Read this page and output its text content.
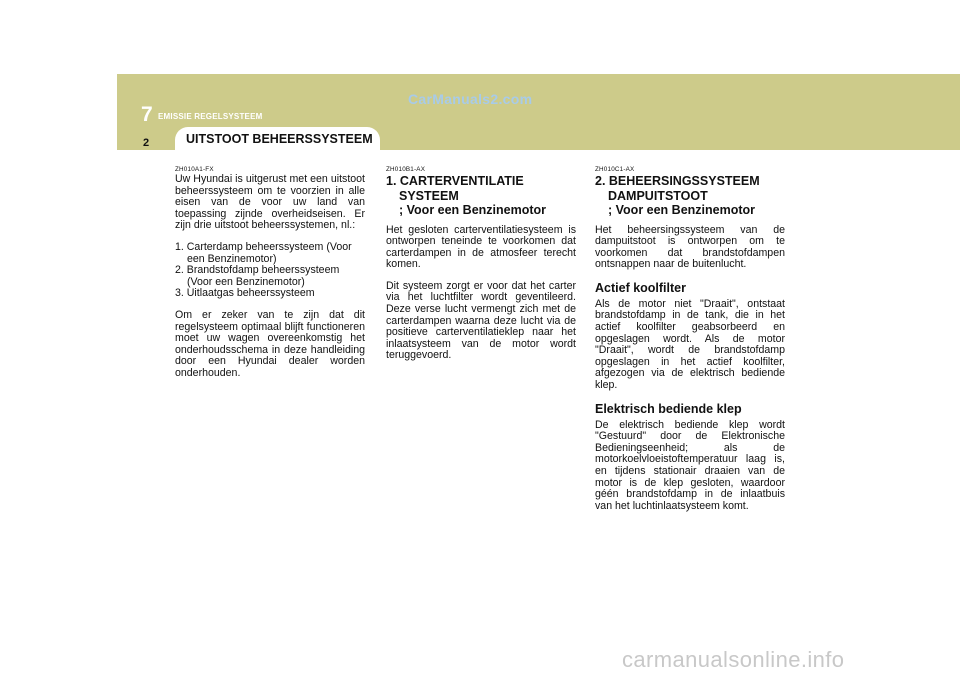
7 EMISSIE REGELSYSTEEM
CarManuals2.com
2	UITSTOOT BEHEERSSYSTEEM
ZH010A1-FX

Uw Hyundai is uitgerust met een uitstoot beheerssysteem om te voorzien in alle eisen van de voor uw land van toepassing zijnde overheidseisen. Er zijn drie uitstoot beheerssystemen, nl.:

1. Carterdamp beheerssysteem (Voor een Benzinemotor)
2. Brandstofdamp beheerssysteem (Voor een Benzinemotor)
3. Uitlaatgas beheerssysteem

Om er zeker van te zijn dat dit regelsysteem optimaal blijft functioneren moet uw wagen overeenkomstig het onderhoudsschema in deze handleiding door een Hyundai dealer worden onderhouden.

ZH010B1-AX
1. CARTERVENTILATIE
SYSTEEM
; Voor een Benzinemotor

Het gesloten carterventilatiesysteem is ontworpen teneinde te voorkomen dat carterdampen in de atmosfeer terecht komen.

Dit systeem zorgt er voor dat het carter via het luchtfilter wordt geventileerd. Deze verse lucht vermengt zich met de carterdampen waarna deze lucht via de positieve carterventilatieklep naar het inlaatsysteem van de motor wordt teruggevoerd.

ZH010C1-AX
2. BEHEERSINGSSYSTEEM
DAMPUITSTOOT
; Voor een Benzinemotor

Het beheersingssysteem van de dampuitstoot is ontworpen om te voorkomen dat brandstofdampen ontsnappen naar de buitenlucht.

Actief koolfilter

Als de motor niet "Draait", ontstaat brandstofdamp in de tank, die in het actief koolfilter geabsorbeerd en opgeslagen wordt. Als de motor "Draait", wordt de brandstofdamp opgeslagen in het actief koolfilter, afgezogen via de elektrisch bediende klep.

Elektrisch bediende klep

De elektrisch bediende klep wordt "Gestuurd" door de Elektronische Bedieningseenheid; als de motorkoelvloeistoftemperatuur laag is, en tijdens stationair draaien van de motor is de klep gesloten, waardoor géén brandstofdamp in de inlaatbuis van het luchtinlaatsysteem komt.

carmanualsonline.info
